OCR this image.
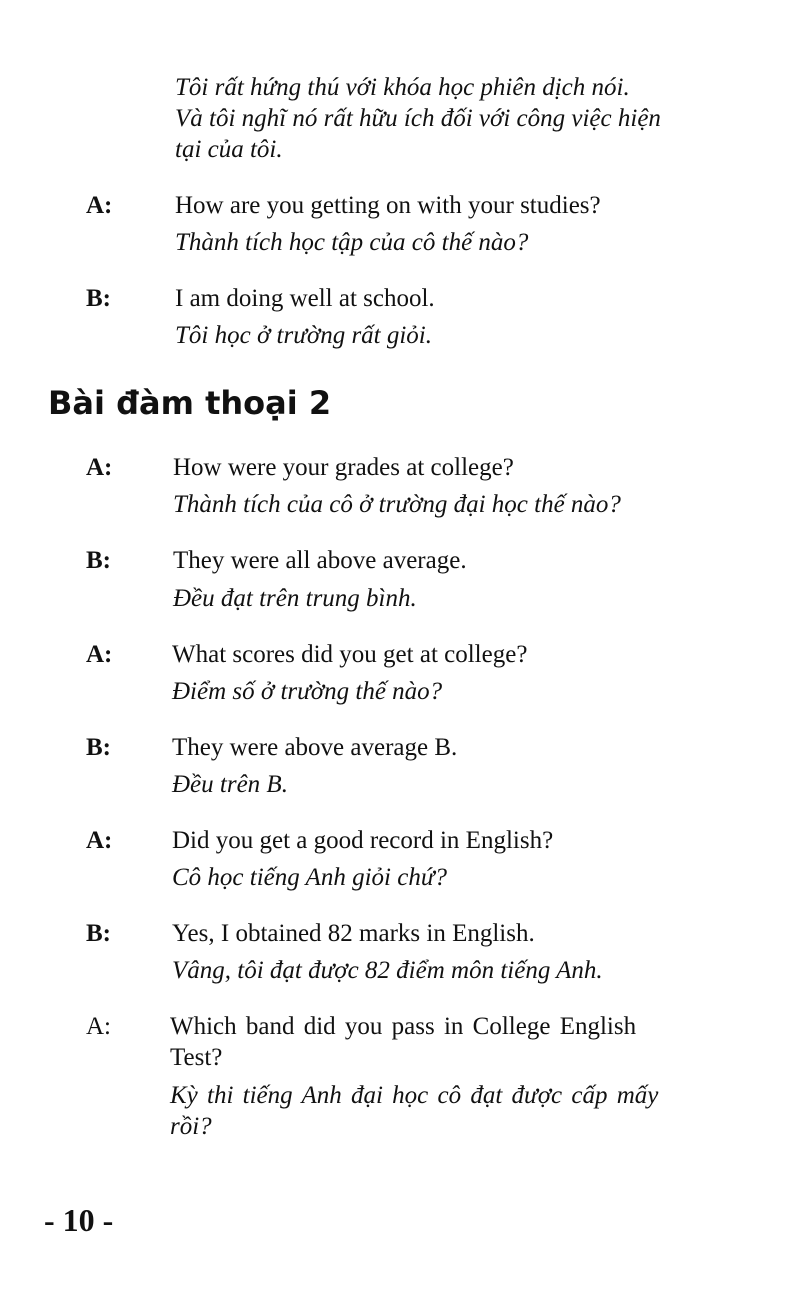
Tôi rất hứng thú với khóa học phiên dịch nói.
Và tôi nghĩ nó rất hữu ích đối với công việc hiện
tại của tôi.
A:	How are you getting on with your studies?
Thành tích học tập của cô thế nào?
B:	I am doing well at school.
Tôi học ở trường rất giỏi.
Bài đàm thoại 2
A: How were your grades at college?
Thành tích của cô ở trường đại học thế nào?
B: They were all above average.
Đều đạt trên trung bình.
A: What scores did you get at college?
Điểm số ở trường thế nào?
B: They were above average B.
Đều trên B.
A: Did you get a good record in English?
Cô học tiếng Anh giỏi chứ?
B: Yes, I obtained 82 marks in English.
Vâng, tôi đạt được 82 điểm môn tiếng Anh.
A: Which band did you pass in College English
Test?
Kỳ thi tiếng Anh đại học cô đạt được cấp mấy
rồi?
- 10 -
